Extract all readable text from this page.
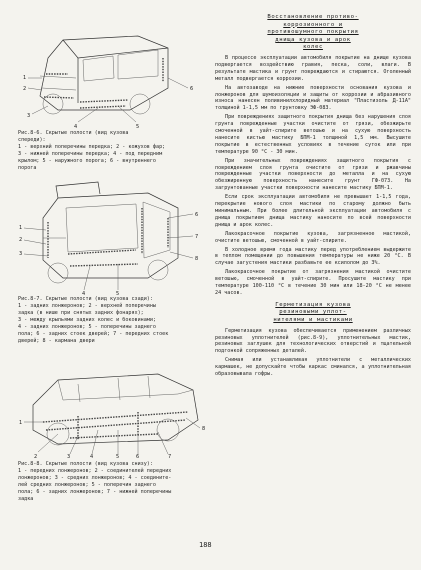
1
2
3
4	5
6
Рис.8-6. Скрытые полости (вид кузова
спереди):
1 - верхний поперечины передка; 2 - кожухов фар;
3 - нижней поперечины передка; 4 - под передним
крылом; 5 - наружного порога; 6 - внутреннего
порога
1
2
3
4	5
6
7
8
Рис.8-7. Скрытые полости (вид кузова сзади):
1 - задних лонжеронов; 2 - верхней поперечины
задка (в нише при снятых задних фонарях);
3 - между крыльями задних колес и боковинами;
4 - задних лонжеронов; 5 - поперечины заднего
пола; 6 - задних стоек дверей; 7 - передних стоек
дверей; 8 - кармана двери
1
2	3	4	5	6	7
8
Рис.8-8. Скрытые полости (вид кузова снизу):
1 - передних лонжеронов; 2 - соединителей передних
лонжеронов; 3 - средних лонжеронов; 4 - соедините-
лей средних лонжеронов; 5 - поперечин заднего
пола; 6 - задних лонжеронов; 7 - нижней поперечины
задка
Восстановление противо-
коррозионного и
противошумного покрытия
днища кузова и арок
колес

В процессе эксплуатации автомобиля покрытие на днище кузова подвергается воздействию гравия, песка, соли, влаги. В результате мастика и грунт повреждаются и стираются. Оголенный металл подвергается коррозии.

На автозаводе на нижние поверхности основания кузова и лонжеронов для шумоизоляции и защиты от коррозии и абразивного износа нанесен поливинилхлоридный материал "Пластизоль Д-11А" толщиной 1-1,5 мм по грунтовку ЭФ-083.

При повреждениях защитного покрытия днища без нарушения слоя грунта поврежденные участки очистите от грязи, обезжирьте смоченной в уайт-спирите ветошью и на сухую поверхность нанесите кистью мастику БПМ-1 толщиной 1,5 мм. Высушите покрытие в естественных условиях в течение суток или при температуре 90 °С - 30 мин.

При значительных повреждениях защитного покрытия с повреждением слоя грунта очистите от грязи и ржавчины поврежденные участки поверхности до металла и на сухую обезжиренную поверхность нанесите грунт ГФ-073. На загрунтованные участки поверхности нанесите мастику БПМ-1.

Если срок эксплуатации автомобиля не превышает 1-1,5 года, перекрытие нового слоя мастики по старому должно быть минимальным. При более длительной эксплуатации автомобиля с днища покрытием днища мастику наносите по всей поверхности днища и арок колес.

Лакокрасочное покрытие кузова, загрязненное мастикой, очистите ветошью, смоченной в уайт-спирите.

В холодное время года мастику перед употреблением выдержите в теплом помещении до повышения температуры не ниже 20 °С. В случае загустения мастики разбавьте ее ксилолом до 3%.

Лакокрасочное покрытие от загрязнения мастикой очистите ветошью, смоченной в уайт-спирите. Просушите мастику при температуре 100-110 °С в течение 30 мин или 18-20 °С не менее 24 часов.

Герметизация кузова
резиновыми уплот-
нителями и мастиками

Герметизация кузова обеспечивается применением различных резиновых уплотнителей (рис.8-9), уплотнительных мастик, резиновых заглушек для технологических отверстий и тщательной подгонкой сопряженных деталей.

Снимая или устанавливая уплотнители с металлических кармашек, не допускайте чтобы каркас сминался, а уплотнительная образовывала гофры.

188
